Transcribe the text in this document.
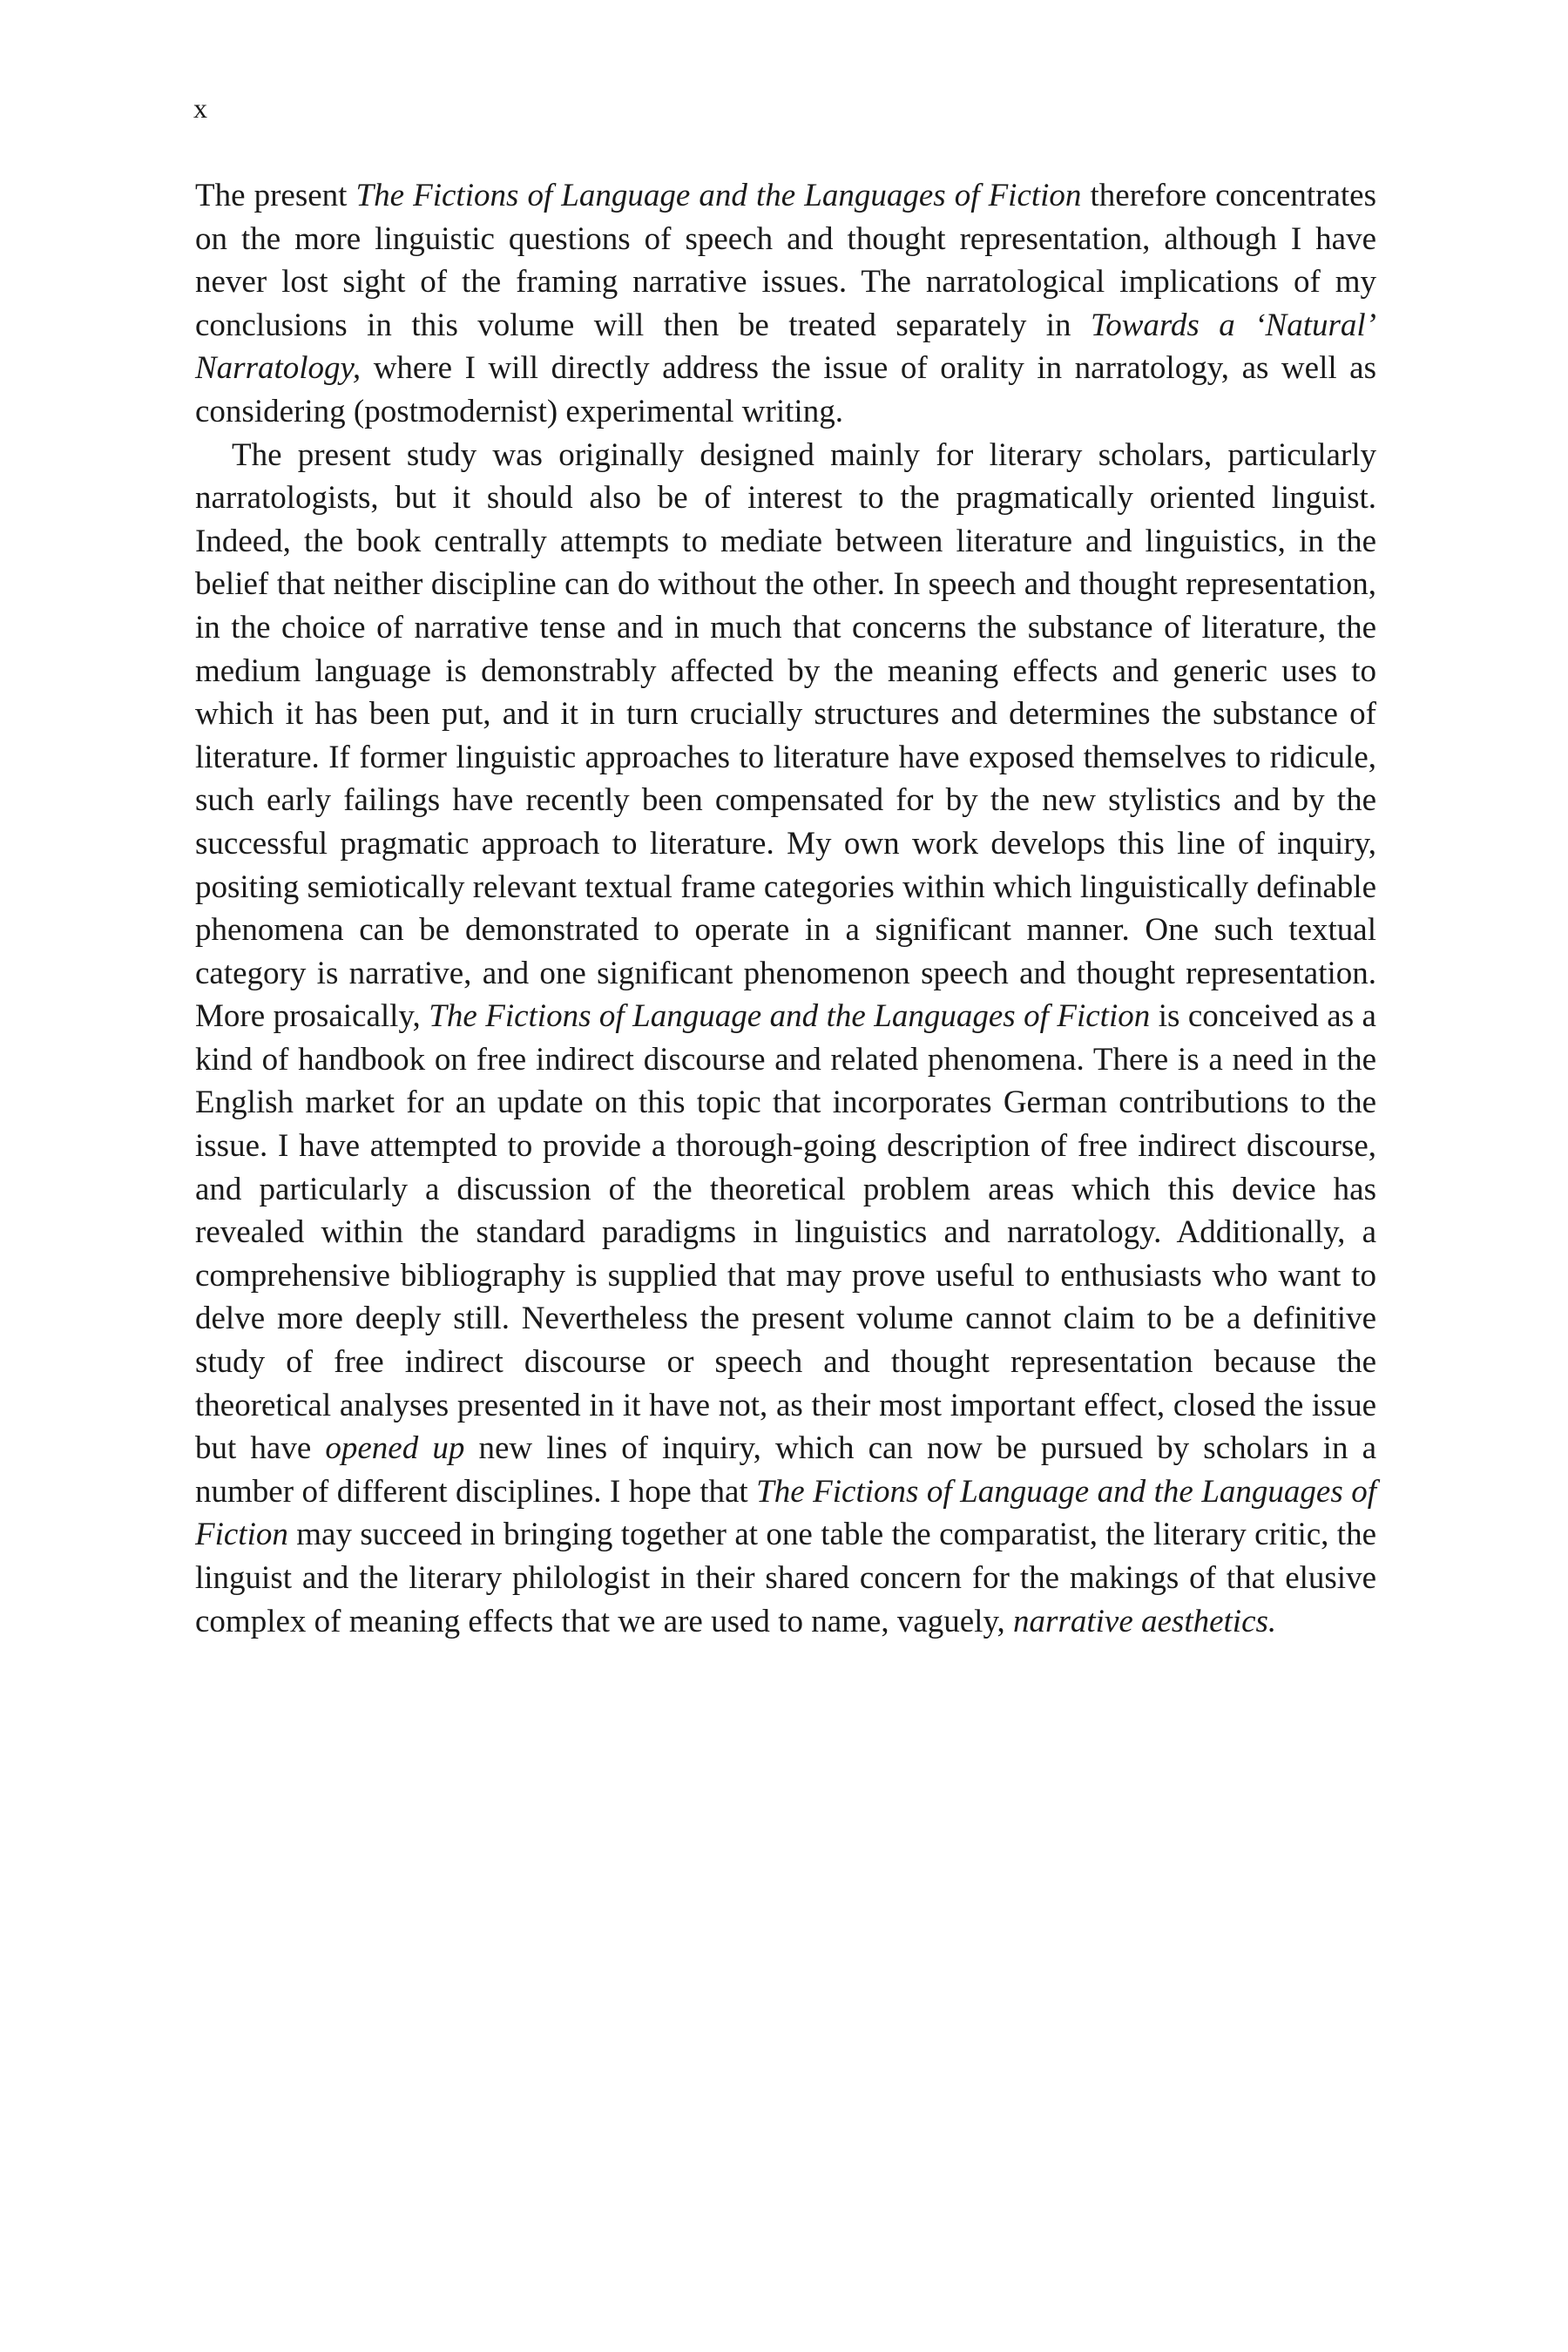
x

The present The Fictions of Language and the Languages of Fiction therefore concentrates on the more linguistic questions of speech and thought representation, although I have never lost sight of the framing narrative issues. The narratological implications of my conclusions in this volume will then be treated separately in Towards a ‘Natural’ Narratology, where I will directly address the issue of orality in narratology, as well as considering (postmodernist) experimental writing.

The present study was originally designed mainly for literary scholars, particularly narratologists, but it should also be of interest to the pragmatically oriented linguist. Indeed, the book centrally attempts to mediate between literature and linguistics, in the belief that neither discipline can do without the other. In speech and thought representation, in the choice of narrative tense and in much that concerns the substance of literature, the medium language is demonstrably affected by the meaning effects and generic uses to which it has been put, and it in turn crucially structures and determines the substance of literature. If former linguistic approaches to literature have exposed themselves to ridicule, such early failings have recently been compensated for by the new stylistics and by the successful pragmatic approach to literature. My own work develops this line of inquiry, positing semiotically relevant textual frame categories within which linguistically definable phenomena can be demonstrated to operate in a significant manner. One such textual category is narrative, and one significant phenomenon speech and thought representation. More prosaically, The Fictions of Language and the Languages of Fiction is conceived as a kind of handbook on free indirect discourse and related phenomena. There is a need in the English market for an update on this topic that incorporates German contributions to the issue. I have attempted to provide a thorough-going description of free indirect discourse, and particularly a discussion of the theoretical problem areas which this device has revealed within the standard paradigms in linguistics and narratology. Additionally, a comprehensive bibliography is supplied that may prove useful to enthusiasts who want to delve more deeply still. Nevertheless the present volume cannot claim to be a definitive study of free indirect discourse or speech and thought representation because the theoretical analyses presented in it have not, as their most important effect, closed the issue but have opened up new lines of inquiry, which can now be pursued by scholars in a number of different disciplines. I hope that The Fictions of Language and the Languages of Fiction may succeed in bringing together at one table the comparatist, the literary critic, the linguist and the literary philologist in their shared concern for the makings of that elusive complex of meaning effects that we are used to name, vaguely, narrative aesthetics.
